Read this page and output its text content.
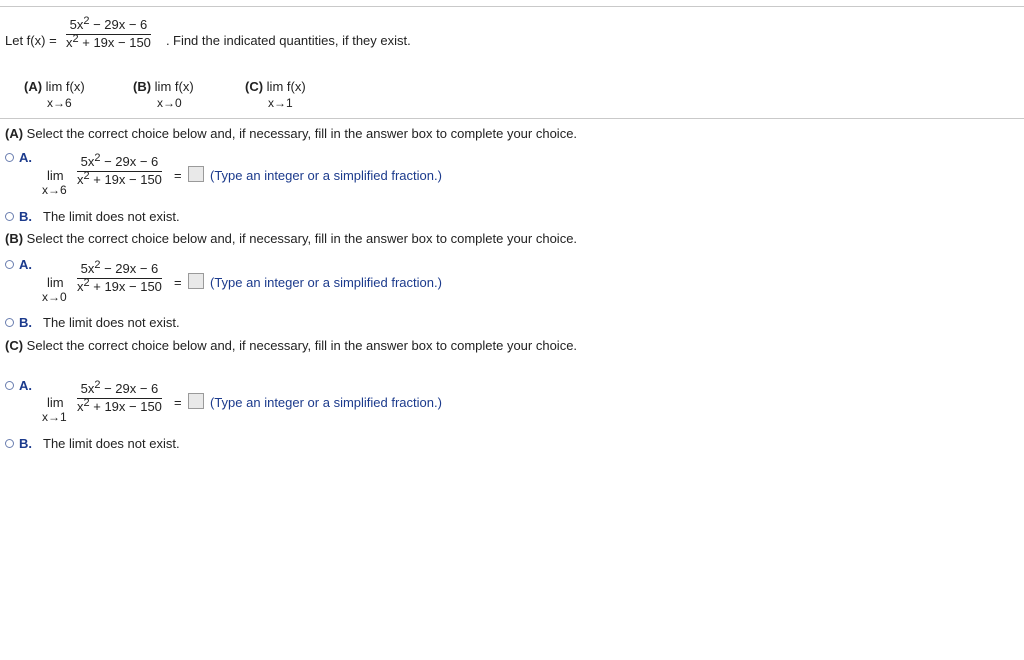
Let f(x) =
$5x^2 - 29x - 6$
$x^2 + 19x - 150$ . Find the indicated quantities, if they exist.
(A) lim f(x)
x→6
(B) lim f(x)
x→0
(C) lim f(x)
x→1
(A) Select the correct choice below and, if necessary, fill in the answer box to complete your choice.
A.
lim
x→6
$5x^2 - 29x - 6$
$x^2 + 19x - 150$ = (Type an integer or a simplified fraction.)
B. The limit does not exist.
(B) Select the correct choice below and, if necessary, fill in the answer box to complete your choice.
A.
lim
x→0
$5x^2 - 29x - 6$
$x^2 + 19x - 150$ = (Type an integer or a simplified fraction.)
B. The limit does not exist.
(C) Select the correct choice below and, if necessary, fill in the answer box to complete your choice.
A.
lim
x→1
$5x^2 - 29x - 6$
$x^2 + 19x - 150$ = (Type an integer or a simplified fraction.)
B. The limit does not exist.
